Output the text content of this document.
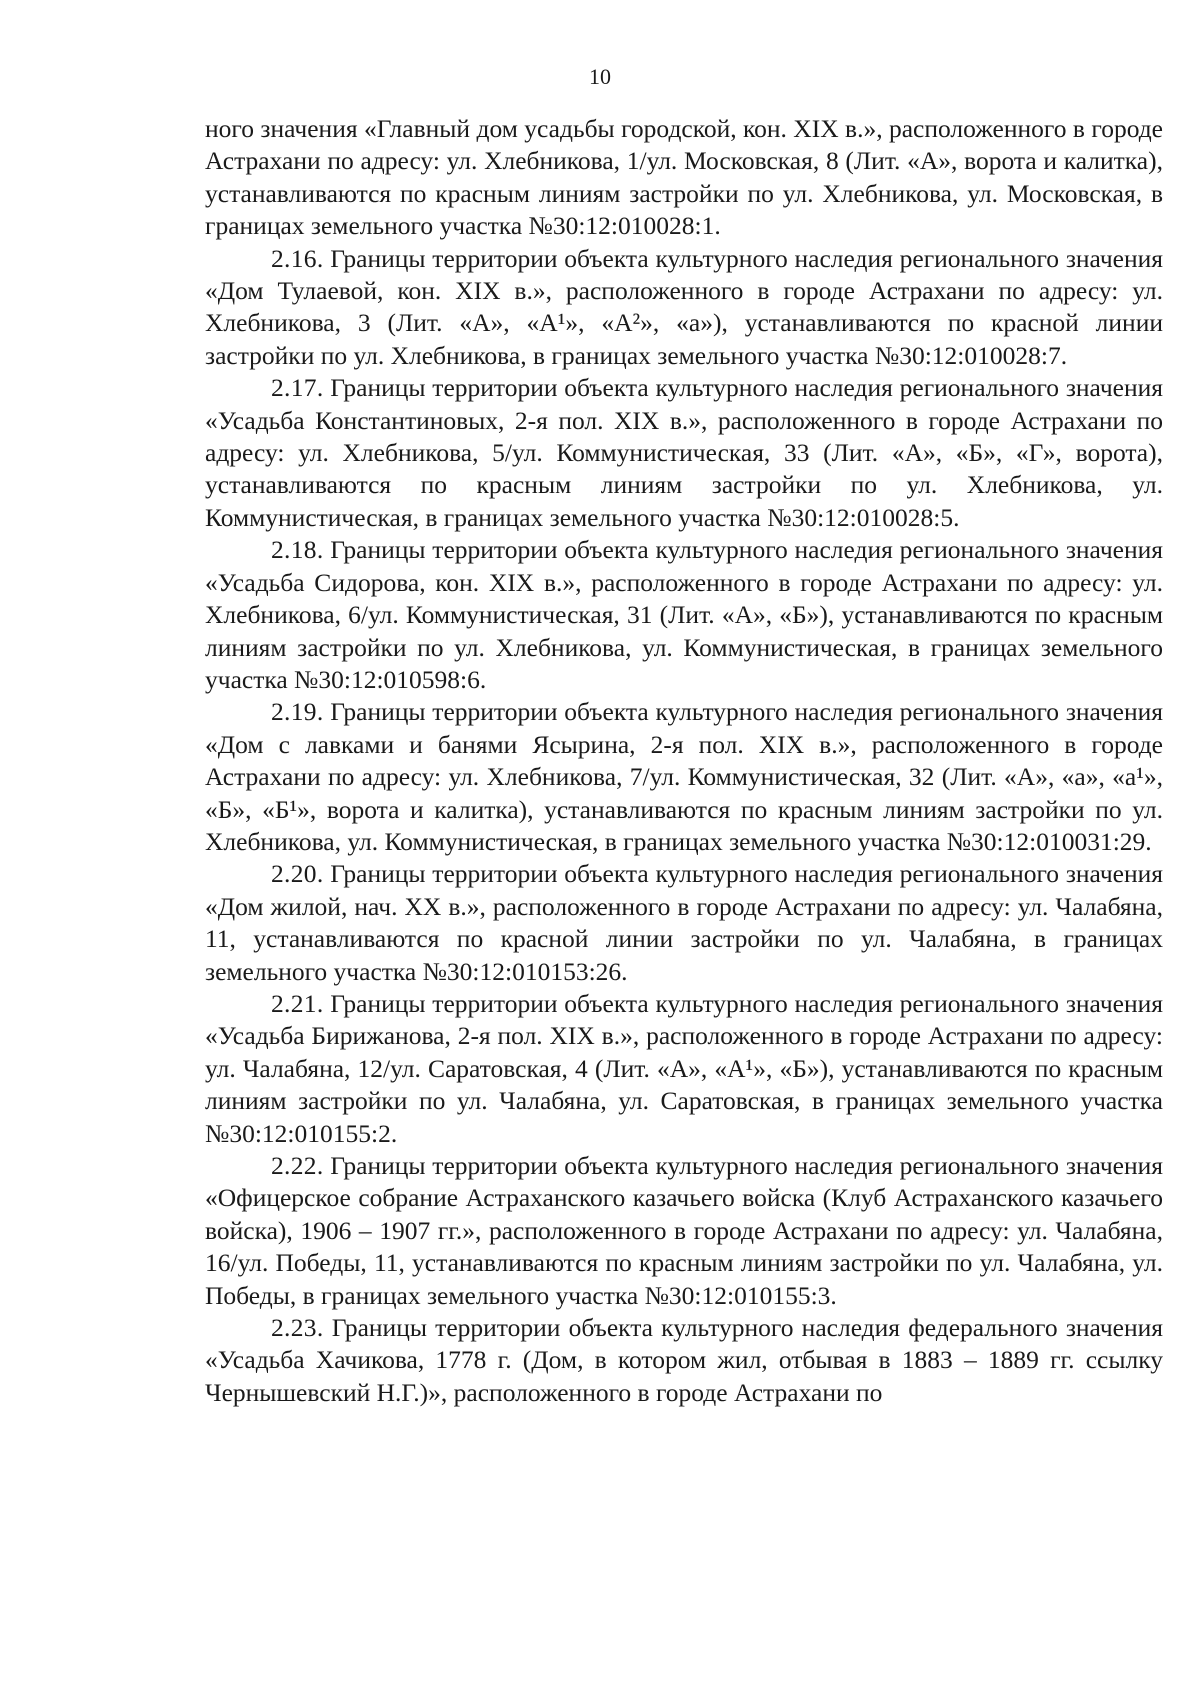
10

ного значения «Главный дом усадьбы городской, кон. XIX в.», расположенного в городе Астрахани по адресу: ул. Хлебникова, 1/ул. Московская, 8 (Лит. «А», ворота и калитка), устанавливаются по красным линиям застройки по ул. Хлебникова, ул. Московская, в границах земельного участка №30:12:010028:1.

2.16. Границы территории объекта культурного наследия регионального значения «Дом Тулаевой, кон. XIX в.», расположенного в городе Астрахани по адресу: ул. Хлебникова, 3 (Лит. «А», «А¹», «А²», «а»), устанавливаются по красной линии застройки по ул. Хлебникова, в границах земельного участка №30:12:010028:7.

2.17. Границы территории объекта культурного наследия регионального значения «Усадьба Константиновых, 2-я пол. XIX в.», расположенного в городе Астрахани по адресу: ул. Хлебникова, 5/ул. Коммунистическая, 33 (Лит. «А», «Б», «Г», ворота), устанавливаются по красным линиям застройки по ул. Хлебникова, ул. Коммунистическая, в границах земельного участка №30:12:010028:5.

2.18. Границы территории объекта культурного наследия регионального значения «Усадьба Сидорова, кон. XIX в.», расположенного в городе Астрахани по адресу: ул. Хлебникова, 6/ул. Коммунистическая, 31 (Лит. «А», «Б»), устанавливаются по красным линиям застройки по ул. Хлебникова, ул. Коммунистическая, в границах земельного участка №30:12:010598:6.

2.19. Границы территории объекта культурного наследия регионального значения «Дом с лавками и банями Ясырина, 2-я пол. XIX в.», расположенного в городе Астрахани по адресу: ул. Хлебникова, 7/ул. Коммунистическая, 32 (Лит. «А», «а», «а¹», «Б», «Б¹», ворота и калитка), устанавливаются по красным линиям застройки по ул. Хлебникова, ул. Коммунистическая, в границах земельного участка №30:12:010031:29.

2.20. Границы территории объекта культурного наследия регионального значения «Дом жилой, нач. XX в.», расположенного в городе Астрахани по адресу: ул. Чалабяна, 11, устанавливаются по красной линии застройки по ул. Чалабяна, в границах земельного участка №30:12:010153:26.

2.21. Границы территории объекта культурного наследия регионального значения «Усадьба Бирижанова, 2-я пол. XIX в.», расположенного в городе Астрахани по адресу: ул. Чалабяна, 12/ул. Саратовская, 4 (Лит. «А», «А¹», «Б»), устанавливаются по красным линиям застройки по ул. Чалабяна, ул. Саратовская, в границах земельного участка №30:12:010155:2.

2.22. Границы территории объекта культурного наследия регионального значения «Офицерское собрание Астраханского казачьего войска (Клуб Астраханского казачьего войска), 1906 – 1907 гг.», расположенного в городе Астрахани по адресу: ул. Чалабяна, 16/ул. Победы, 11, устанавливаются по красным линиям застройки по ул. Чалабяна, ул. Победы, в границах земельного участка №30:12:010155:3.

2.23. Границы территории объекта культурного наследия федерального значения «Усадьба Хачикова, 1778 г. (Дом, в котором жил, отбывая в 1883 – 1889 гг. ссылку Чернышевский Н.Г.)», расположенного в городе Астрахани по
